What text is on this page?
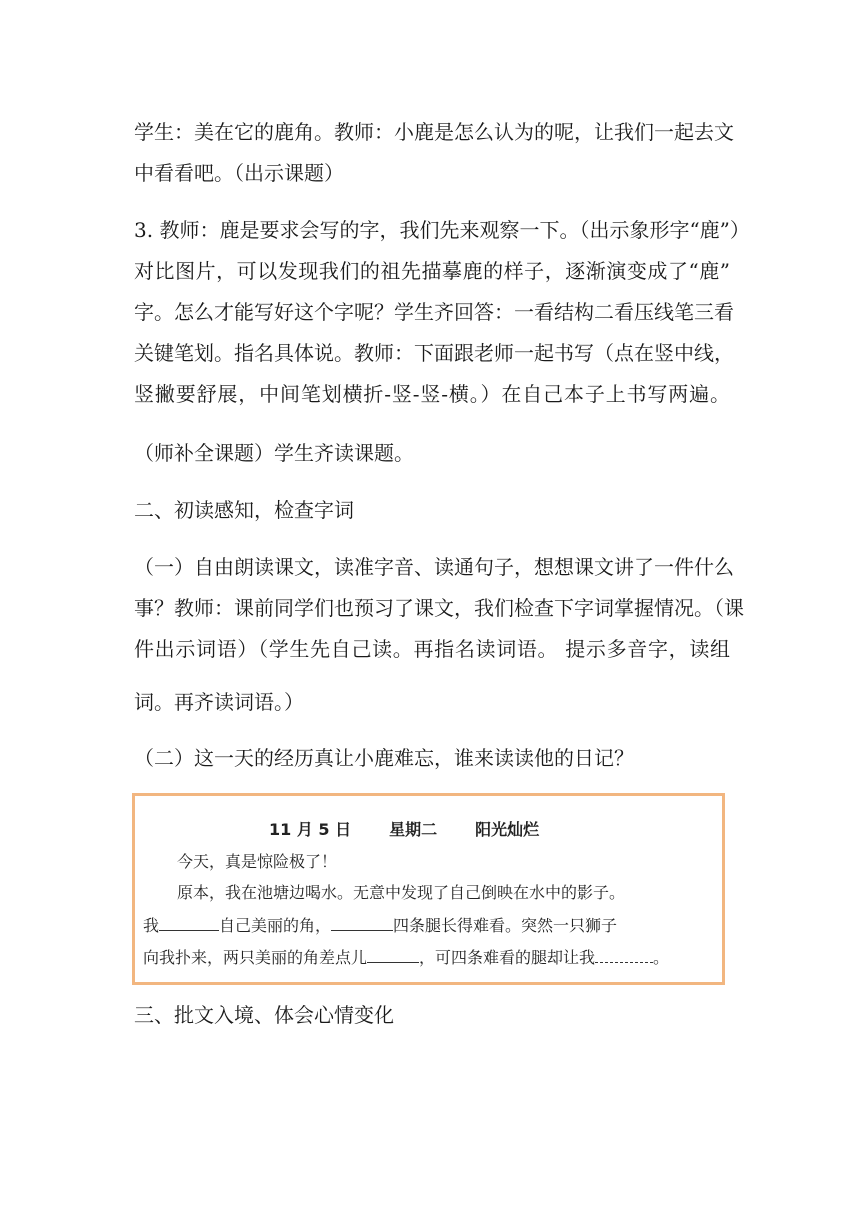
学生：美在它的鹿角。教师：小鹿是怎么认为的呢，让我们一起去文
中看看吧。（出示课题）
3. 教师：鹿是要求会写的字，我们先来观察一下。（出示象形字“鹿”）
对比图片，可以发现我们的祖先描摹鹿的样子，逐渐演变成了“鹿”
字。怎么才能写好这个字呢？学生齐回答：一看结构二看压线笔三看
关键笔划。指名具体说。教师：下面跟老师一起书写（点在竖中线，
竖撇要舒展，中间笔划横折-竖-竖-横。）在自己本子上书写两遍。
（师补全课题）学生齐读课题。
二、初读感知，检查字词
（一）自由朗读课文，读准字音、读通句子，想想课文讲了一件什么
事？教师：课前同学们也预习了课文，我们检查下字词掌握情况。（课
件出示词语）（学生先自己读。再指名读词语。 提示多音字，读组
词。再齐读词语。）
（二）这一天的经历真让小鹿难忘，谁来读读他的日记？
11 月 5 日 星期二 阳光灿烂
今天，真是惊险极了！
原本，我在池塘边喝水。无意中发现了自己倒映在水中的影子。
我	自己美丽的角，	四条腿长得难看。突然一只狮子
向我扑来，两只美丽的角差点儿	，可四条难看的腿却让我	。
三、批文入境、体会心情变化
